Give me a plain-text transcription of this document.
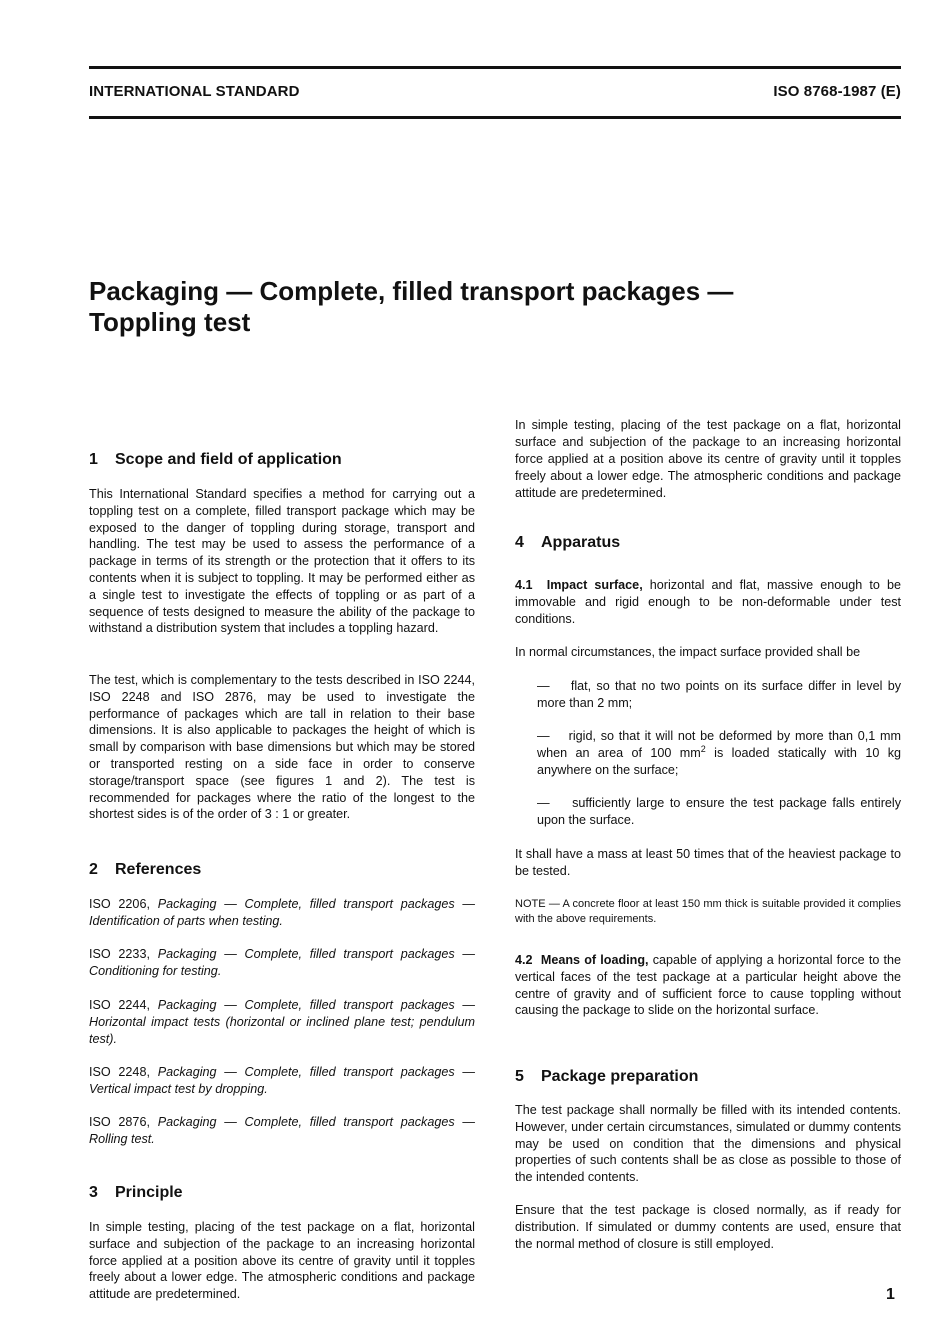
INTERNATIONAL STANDARD	ISO 8768-1987 (E)
Packaging — Complete, filled transport packages —
Toppling test
1 Scope and field of application
This International Standard specifies a method for carrying out a toppling test on a complete, filled transport package which may be exposed to the danger of toppling during storage, transport and handling. The test may be used to assess the performance of a package in terms of its strength or the protection that it offers to its contents when it is subject to toppling. It may be performed either as a single test to investigate the effects of toppling or as part of a sequence of tests designed to measure the ability of the package to withstand a distribution system that includes a toppling hazard.
The test, which is complementary to the tests described in ISO 2244, ISO 2248 and ISO 2876, may be used to investigate the performance of packages which are tall in relation to their base dimensions. It is also applicable to packages the height of which is small by comparison with base dimensions but which may be stored or transported resting on a side face in order to conserve storage/transport space (see figures 1 and 2). The test is recommended for packages where the ratio of the longest to the shortest sides is of the order of 3 : 1 or greater.
2 References
ISO 2206, Packaging — Complete, filled transport packages — Identification of parts when testing.
ISO 2233, Packaging — Complete, filled transport packages — Conditioning for testing.
ISO 2244, Packaging — Complete, filled transport packages — Horizontal impact tests (horizontal or inclined plane test; pendulum test).
ISO 2248, Packaging — Complete, filled transport packages — Vertical impact test by dropping.
ISO 2876, Packaging — Complete, filled transport packages — Rolling test.
3 Principle
In simple testing, placing of the test package on a flat, horizontal surface and subjection of the package to an increasing horizontal force applied at a position above its centre of gravity until it topples freely about a lower edge. The atmospheric conditions and package attitude are predetermined.
In simple testing, placing of the test package on a flat, horizontal surface and subjection of the package to an increasing horizontal force applied at a position above its centre of gravity until it topples freely about a lower edge. The atmospheric conditions and package attitude are predetermined.
4 Apparatus
4.1 Impact surface, horizontal and flat, massive enough to be immovable and rigid enough to be non-deformable under test conditions.
In normal circumstances, the impact surface provided shall be
— flat, so that no two points on its surface differ in level by more than 2 mm;
— rigid, so that it will not be deformed by more than 0,1 mm when an area of 100 $mm^2$ is loaded statically with 10 kg anywhere on the surface;
— sufficiently large to ensure the test package falls entirely upon the surface.
It shall have a mass at least 50 times that of the heaviest package to be tested.
NOTE — A concrete floor at least 150 mm thick is suitable provided it complies with the above requirements.
4.2 Means of loading, capable of applying a horizontal force to the vertical faces of the test package at a particular height above the centre of gravity and of sufficient force to cause toppling without causing the package to slide on the horizontal surface.
5 Package preparation
The test package shall normally be filled with its intended contents. However, under certain circumstances, simulated or dummy contents may be used on condition that the dimensions and physical properties of such contents shall be as close as possible to those of the intended contents.
Ensure that the test package is closed normally, as if ready for distribution. If simulated or dummy contents are used, ensure that the normal method of closure is still employed.
1
